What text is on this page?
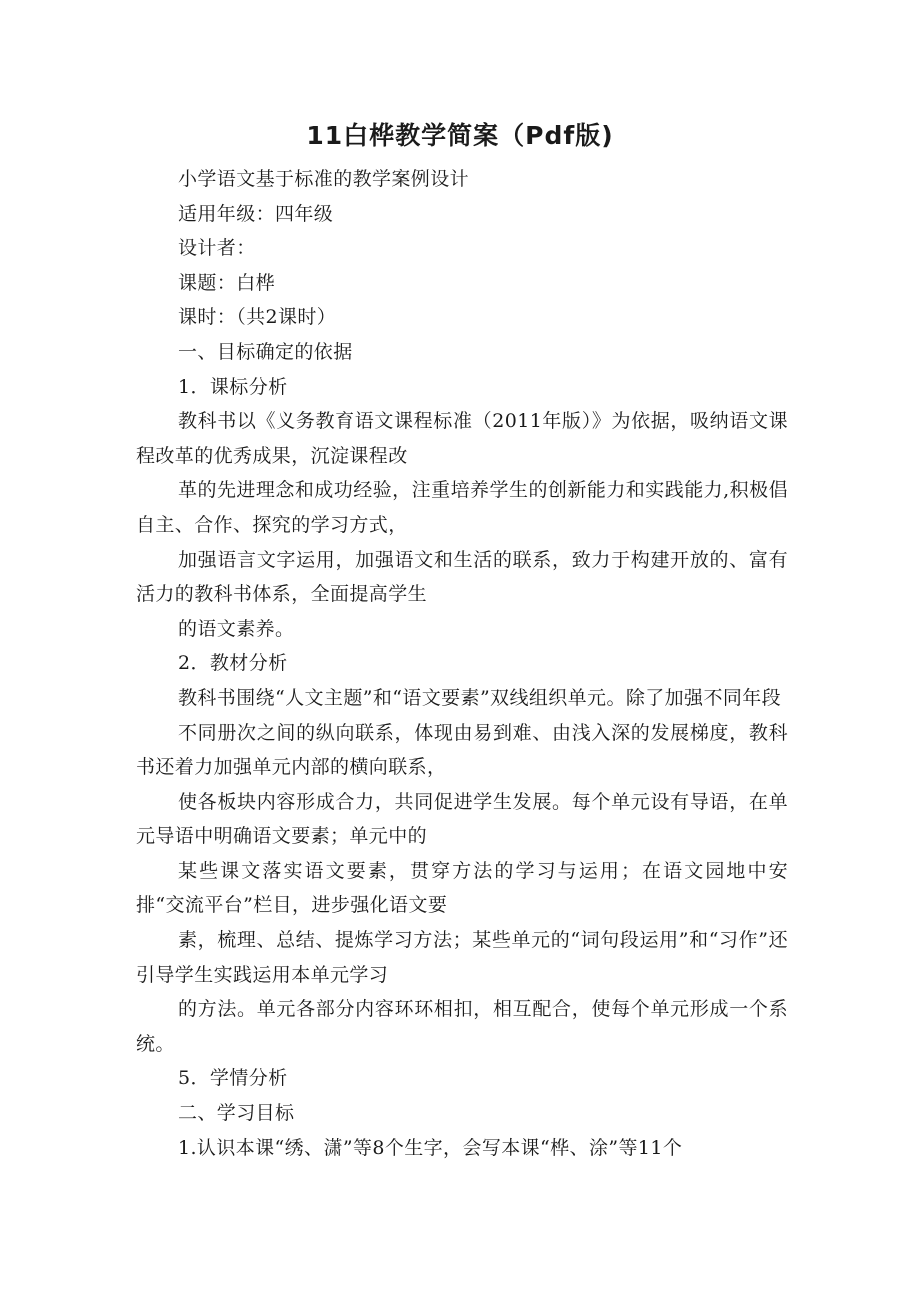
11白桦教学简案（Pdf版)

小学语文基于标准的教学案例设计

适用年级：四年级

设计者：

课题：白桦

课时：（共2课时）

一、目标确定的依据

1．课标分析

教科书以《义务教育语文课程标准（2011年版）》为依据，吸纳语文课程改革的优秀成果，沉淀课程改

革的先进理念和成功经验，注重培养学生的创新能力和实践能力,积极倡自主、合作、探究的学习方式，

加强语言文字运用，加强语文和生活的联系，致力于构建开放的、富有活力的教科书体系，全面提高学生

的语文素养。

2．教材分析

教科书围绕“人文主题”和“语文要素”双线组织单元。除了加强不同年段

不同册次之间的纵向联系，体现由易到难、由浅入深的发展梯度，教科书还着力加强单元内部的横向联系，

使各板块内容形成合力，共同促进学生发展。每个单元设有导语，在单元导语中明确语文要素；单元中的

某些课文落实语文要素，贯穿方法的学习与运用；在语文园地中安排“交流平台”栏目，进步强化语文要

素，梳理、总结、提炼学习方法；某些单元的“词句段运用”和“习作”还引导学生实践运用本单元学习

的方法。单元各部分内容环环相扣，相互配合，使每个单元形成一个系统。

5．学情分析

二、学习目标

1.认识本课“绣、潇”等8个生字，会写本课“桦、涂”等11个
